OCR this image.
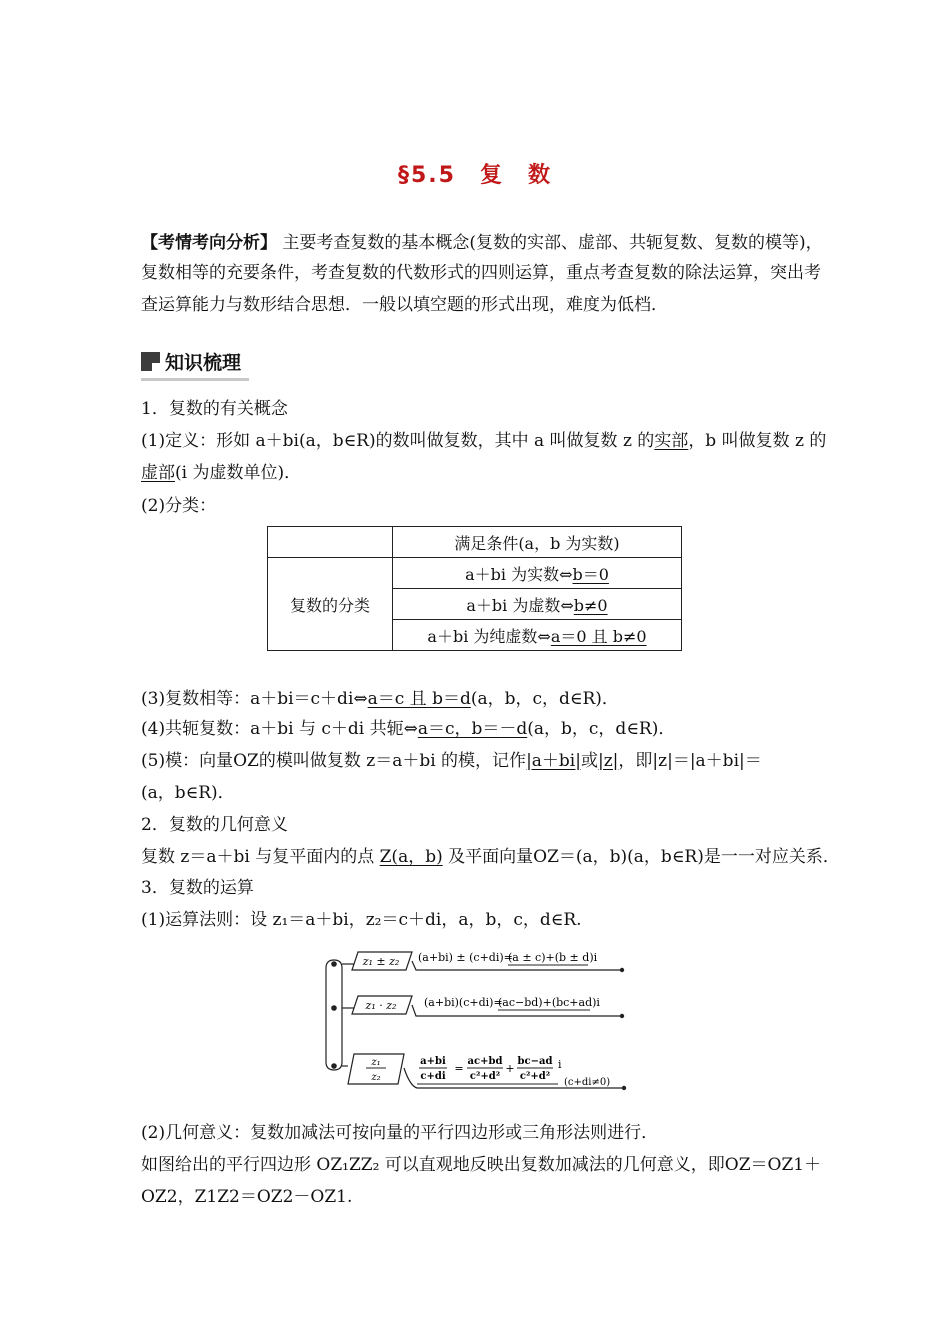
§5.5　复　数
【考情考向分析】 主要考查复数的基本概念(复数的实部、虚部、共轭复数、复数的模等)，
复数相等的充要条件，考查复数的代数形式的四则运算，重点考查复数的除法运算，突出考
查运算能力与数形结合思想．一般以填空题的形式出现，难度为低档．
知识梳理
1．复数的有关概念
(1)定义：形如 a＋bi(a，b∈R)的数叫做复数，其中 a 叫做复数 z 的实部，b 叫做复数 z 的
虚部(i 为虚数单位)．
(2)分类：
	满足条件(a，b 为实数)
复数的分类	a＋bi 为实数⇔b＝0
	a＋bi 为虚数⇔b≠0
	a＋bi 为纯虚数⇔a＝0 且 b≠0
(3)复数相等：a＋bi＝c＋di⇔a＝c 且 b＝d(a，b，c，d∈R)．
(4)共轭复数：a＋bi 与 c＋di 共轭⇔a＝c，b＝－d(a，b，c，d∈R)．
(5)模：向量OZ的模叫做复数 z＝a＋bi 的模，记作|a＋bi|或|z|，即|z|＝|a＋bi|＝
(a，b∈R)．
2．复数的几何意义
复数 z＝a＋bi 与复平面内的点 Z(a，b) 及平面向量OZ＝(a，b)(a，b∈R)是一一对应关系．
3．复数的运算
(1)运算法则：设 z₁＝a＋bi，z₂＝c＋di，a，b，c，d∈R.
z₁ ± z₂ (a+bi) ± (c+di)=
(a ± c)+(b ± d)i
z₁ · z₂	(a+bi)(c+di)=
(ac−bd)+(bc+ad)i
z₁
z₂
a+bi
c+di
=
ac+bd
c²+d²
+
bc−ad
c²+d²
i
(c+di≠0)
(2)几何意义：复数加减法可按向量的平行四边形或三角形法则进行．
如图给出的平行四边形 OZ₁ZZ₂ 可以直观地反映出复数加减法的几何意义，即OZ＝OZ1＋
OZ2，Z1Z2＝OZ2－OZ1.
